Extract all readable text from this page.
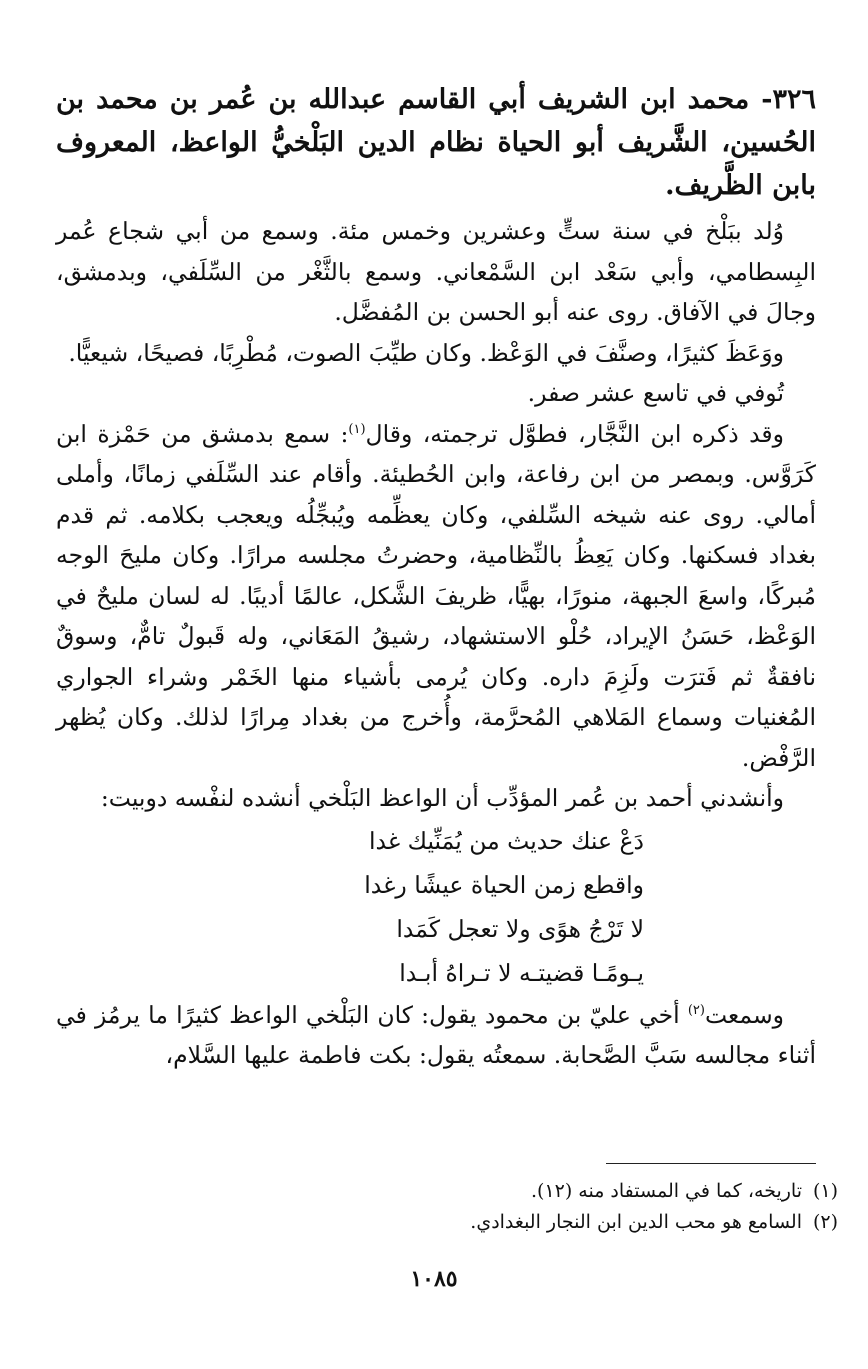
٣٢٦- محمد ابن الشريف أبي القاسم عبدالله بن عُمر بن محمد بن الحُسين، الشَّريف أبو الحياة نظام الدين البَلْخيُّ الواعظ، المعروف بابن الظَّريف.

وُلد ببَلْخ في سنة ستٍّ وعشرين وخمس مئة. وسمع من أبي شجاع عُمر البِسطامي، وأبي سَعْد ابن السَّمْعاني. وسمع بالثَّغْر من السِّلَفي، وبدمشق، وجالَ في الآفاق. روى عنه أبو الحسن بن المُفضَّل.

ووَعَظَ كثيرًا، وصنَّفَ في الوَعْظ. وكان طيِّبَ الصوت، مُطْرِبًا، فصيحًا، شيعيًّا.

تُوفي في تاسع عشر صفر.

وقد ذكره ابن النَّجَّار، فطوَّل ترجمته، وقال$^{(١)}$: سمع بدمشق من حَمْزة ابن كَرَوَّس. وبمصر من ابن رفاعة، وابن الحُطيئة. وأقام عند السِّلَفي زمانًا، وأملى أمالي. روى عنه شيخه السِّلفي، وكان يعظِّمه ويُبجِّلُه ويعجب بكلامه. ثم قدم بغداد فسكنها. وكان يَعِظُ بالنِّظامية، وحضرتُ مجلسه مرارًا. وكان مليحَ الوجه مُبركًا، واسعَ الجبهة، منورًا، بهيًّا، ظريفَ الشَّكل، عالمًا أديبًا. له لسان مليحٌ في الوَعْظ، حَسَنُ الإيراد، حُلْو الاستشهاد، رشيقُ المَعَاني، وله قَبولٌ تامٌّ، وسوقٌ نافقةٌ ثم فَترَت ولَزِمَ داره. وكان يُرمى بأشياء منها الخَمْر وشراء الجواري المُغنيات وسماع المَلاهي المُحرَّمة، وأُخرج من بغداد مِرارًا لذلك. وكان يُظهر الرَّفْض.

وأنشدني أحمد بن عُمر المؤدِّب أن الواعظ البَلْخي أنشده لنفْسه دوبيت:

دَعْ عنك حديث من يُمَنِّيك غدا
واقطع زمن الحياة عيشًا رغدا
لا تَرْجُ هوًى ولا تعجل كَمَدا
يـومًـا قضيتـه لا تـراهُ أبـدا

وسمعت$^{(٢)}$ أخي عليّ بن محمود يقول: كان البَلْخي الواعظ كثيرًا ما يرمُز في أثناء مجالسه سَبَّ الصَّحابة. سمعتُه يقول: بكت فاطمة عليها السَّلام،

(١)تاريخه، كما في المستفاد منه (١٢).
(٢)السامع هو محب الدين ابن النجار البغدادي.
١٠٨٥
